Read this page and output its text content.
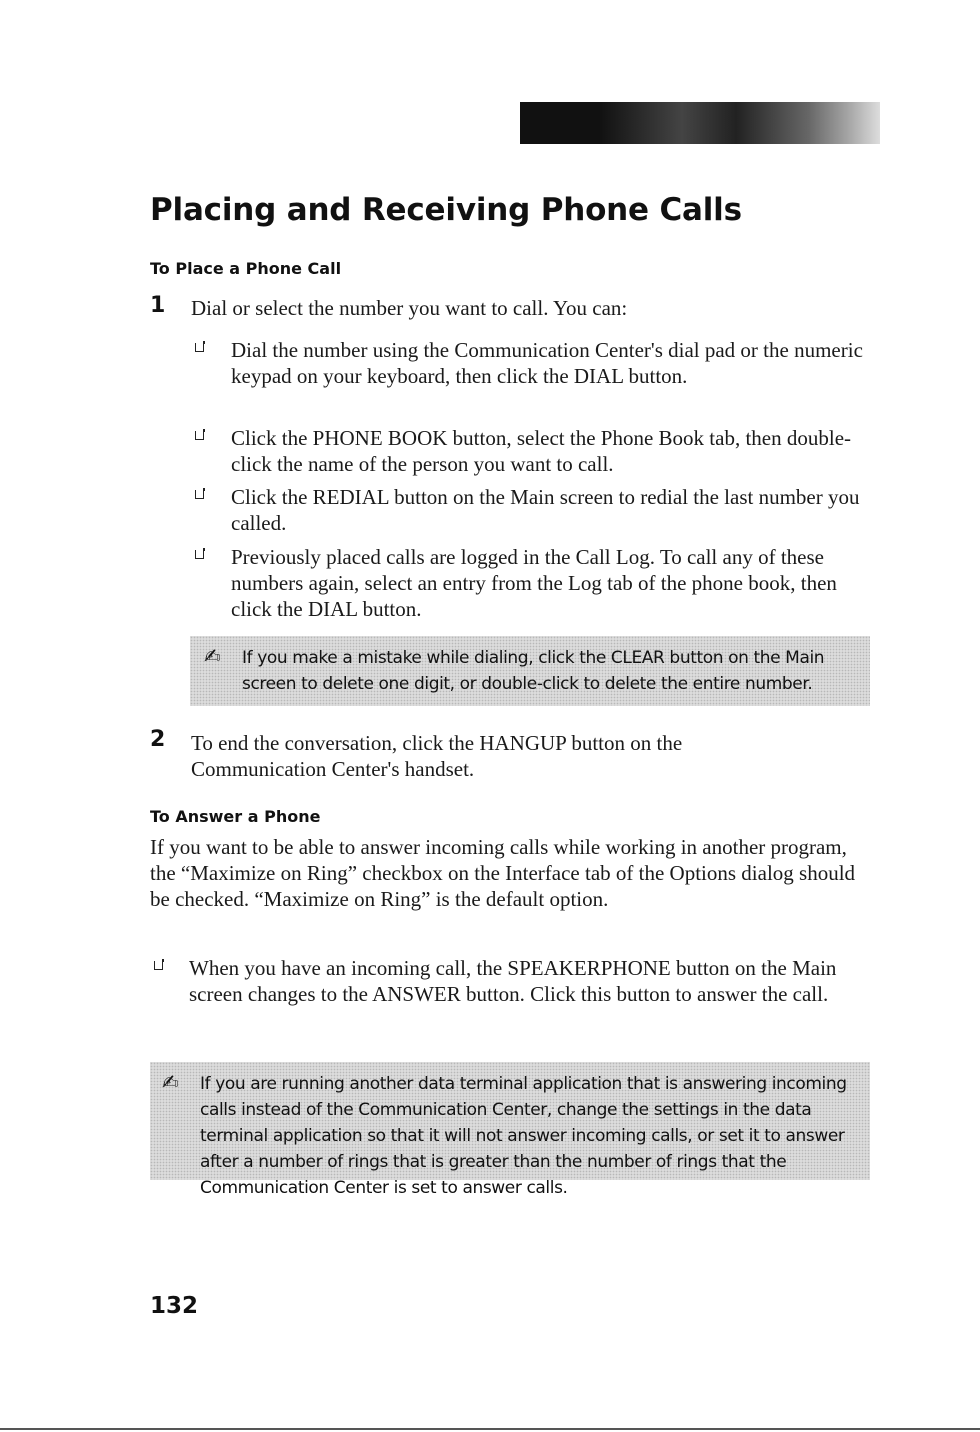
Placing and Receiving Phone Calls
To Place a Phone Call
1 Dial or select the number you want to call. You can:

Dial the number using the Communication Center's dial pad or the numeric keypad on your keyboard, then click the DIAL button.

Click the PHONE BOOK button, select the Phone Book tab, then double-click the name of the person you want to call.

Click the REDIAL button on the Main screen to redial the last number you called.

Previously placed calls are logged in the Call Log. To call any of these numbers again, select an entry from the Log tab of the phone book, then click the DIAL button.

✍ If you make a mistake while dialing, click the CLEAR button on the Main screen to delete one digit, or double-click to delete the entire number.

2 To end the conversation, click the HANGUP button on the Communication Center's handset.

To Answer a Phone

If you want to be able to answer incoming calls while working in another program, the “Maximize on Ring” checkbox on the Interface tab of the Options dialog should be checked. “Maximize on Ring” is the default option.

When you have an incoming call, the SPEAKERPHONE button on the Main screen changes to the ANSWER button. Click this button to answer the call.

✍ If you are running another data terminal application that is answering incoming calls instead of the Communication Center, change the settings in the data terminal application so that it will not answer incoming calls, or set it to answer after a number of rings that is greater than the number of rings that the Communication Center is set to answer calls.

132
